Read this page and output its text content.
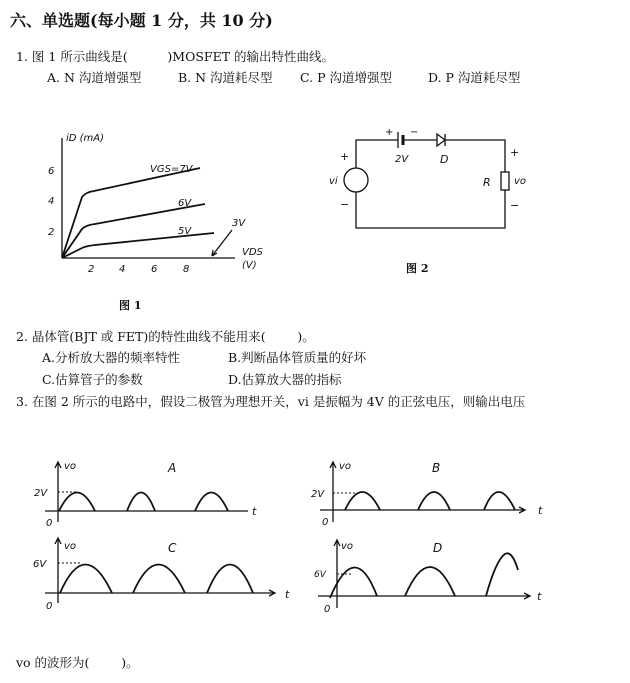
六、单选题(每小题 1 分，共 10 分)
1. 图 1 所示曲线是(          )MOSFET 的输出特性曲线。
A. N 沟道增强型	B. N 沟道耗尽型 C. P 沟道增强型	D. P 沟道耗尽型
2. 晶体管(BJT 或 FET)的特性曲线不能用来(        )。
A.分析放大器的频率特性	B.判断晶体管质量的好坏
C.估算管子的参数	D.估算放大器的指标
3. 在图 2 所示的电路中，假设二极管为理想开关，vi 是振幅为 4V 的正弦电压，则输出电压
vo 的波形为(        )。
iD (mA)
2 4	6	8
2
4
6	VGS=7V
6V
5V
3V
VDS
(V)
图 1
+ −
2V	D
+
−
vi	R vo
+
−
图 2
vo	A
2V
0
t
vo	B
2V
0
t
vo	C
6V
0
t
vo	D
6V
0
t
